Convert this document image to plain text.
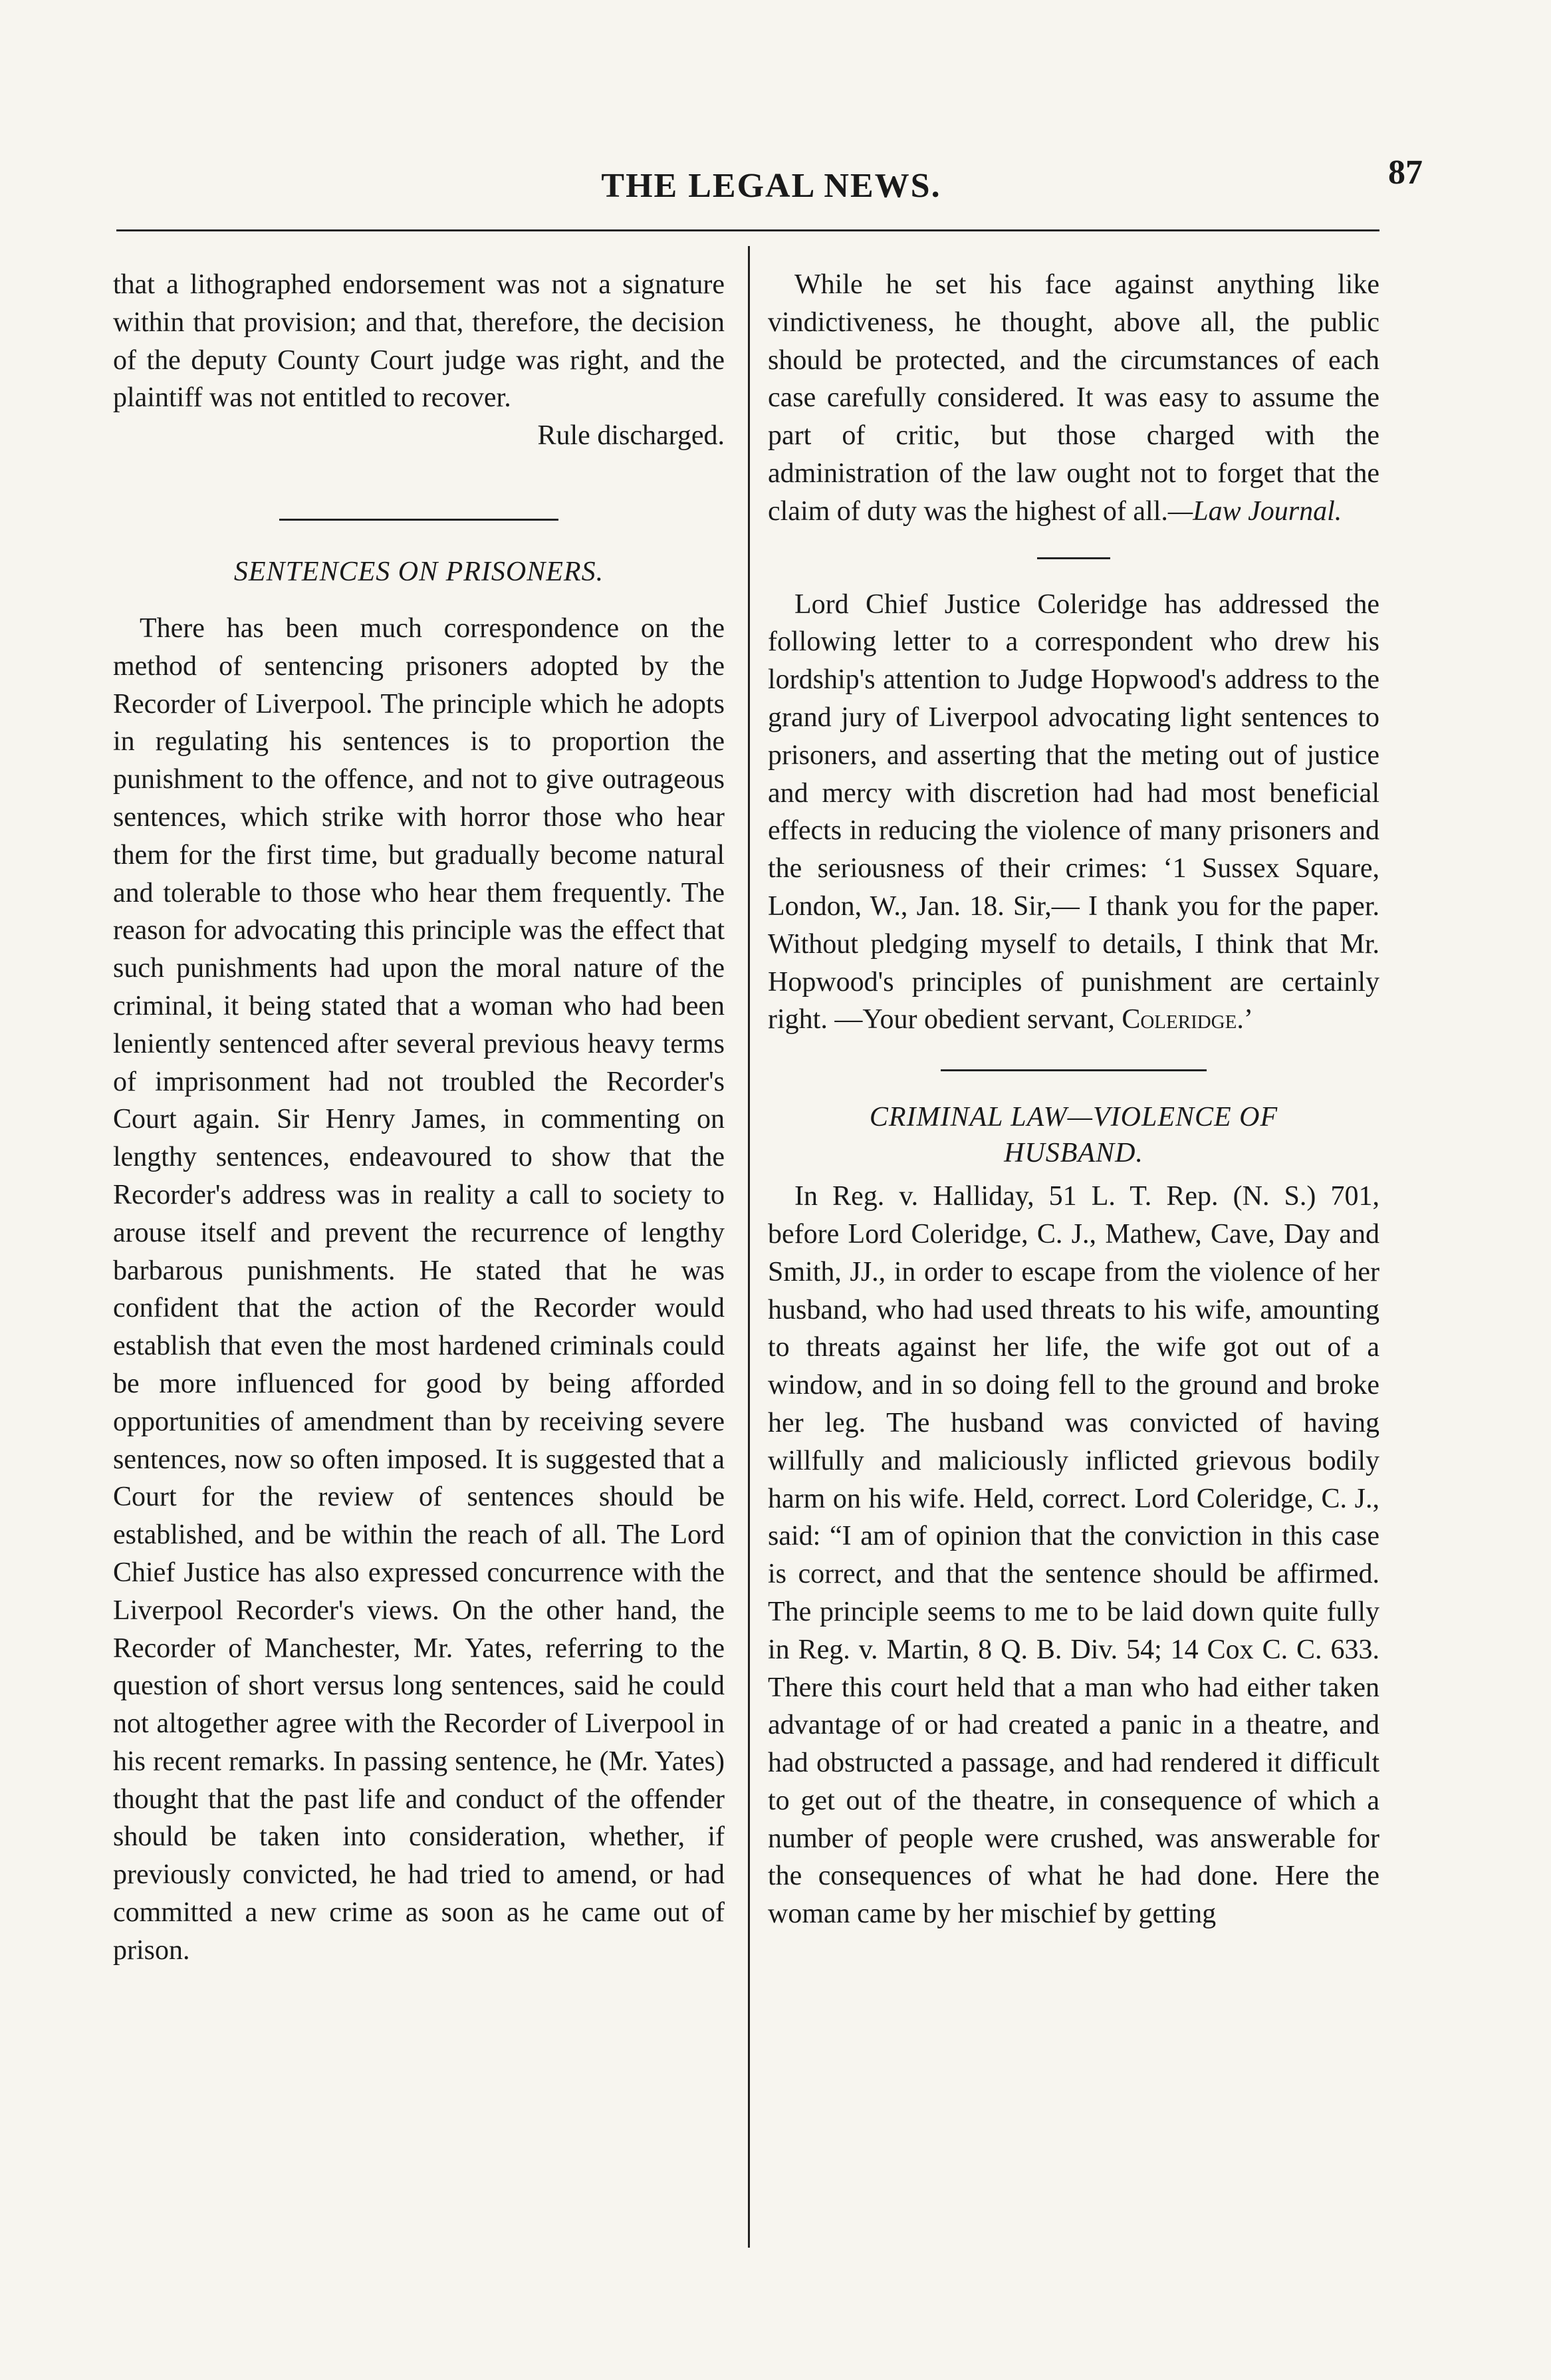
THE LEGAL NEWS.	87

that a lithographed endorsement was not a signature within that provision; and that, therefore, the decision of the deputy County Court judge was right, and the plaintiff was not entitled to recover.

Rule discharged.

SENTENCES ON PRISONERS.

There has been much correspondence on the method of sentencing prisoners adopted by the Recorder of Liverpool. The principle which he adopts in regulating his sentences is to proportion the punishment to the offence, and not to give outrageous sentences, which strike with horror those who hear them for the first time, but gradually become natural and tolerable to those who hear them frequently. The reason for advocating this principle was the effect that such punishments had upon the moral nature of the criminal, it being stated that a woman who had been leniently sentenced after several previous heavy terms of imprisonment had not troubled the Recorder's Court again. Sir Henry James, in commenting on lengthy sentences, endeavoured to show that the Recorder's address was in reality a call to society to arouse itself and prevent the recurrence of lengthy barbarous punishments. He stated that he was confident that the action of the Recorder would establish that even the most hardened criminals could be more influenced for good by being afforded opportunities of amendment than by receiving severe sentences, now so often imposed. It is suggested that a Court for the review of sentences should be established, and be within the reach of all. The Lord Chief Justice has also expressed concurrence with the Liverpool Recorder's views. On the other hand, the Recorder of Manchester, Mr. Yates, referring to the question of short versus long sentences, said he could not altogether agree with the Recorder of Liverpool in his recent remarks. In passing sentence, he (Mr. Yates) thought that the past life and conduct of the offender should be taken into consideration, whether, if previously convicted, he had tried to amend, or had committed a new crime as soon as he came out of prison.

While he set his face against anything like vindictiveness, he thought, above all, the public should be protected, and the circumstances of each case carefully considered. It was easy to assume the part of critic, but those charged with the administration of the law ought not to forget that the claim of duty was the highest of all.—Law Journal.

Lord Chief Justice Coleridge has addressed the following letter to a correspondent who drew his lordship's attention to Judge Hopwood's address to the grand jury of Liverpool advocating light sentences to prisoners, and asserting that the meting out of justice and mercy with discretion had had most beneficial effects in reducing the violence of many prisoners and the seriousness of their crimes: ‘1 Sussex Square, London, W., Jan. 18. Sir,— I thank you for the paper. Without pledging myself to details, I think that Mr. Hopwood's principles of punishment are certainly right. —Your obedient servant, Coleridge.’

CRIMINAL LAW—VIOLENCE OF

HUSBAND.

In Reg. v. Halliday, 51 L. T. Rep. (N. S.) 701, before Lord Coleridge, C. J., Mathew, Cave, Day and Smith, JJ., in order to escape from the violence of her husband, who had used threats to his wife, amounting to threats against her life, the wife got out of a window, and in so doing fell to the ground and broke her leg. The husband was convicted of having willfully and maliciously inflicted grievous bodily harm on his wife. Held, correct. Lord Coleridge, C. J., said: “I am of opinion that the conviction in this case is correct, and that the sentence should be affirmed. The principle seems to me to be laid down quite fully in Reg. v. Martin, 8 Q. B. Div. 54; 14 Cox C. C. 633. There this court held that a man who had either taken advantage of or had created a panic in a theatre, and had obstructed a passage, and had rendered it difficult to get out of the theatre, in consequence of which a number of people were crushed, was answerable for the consequences of what he had done. Here the woman came by her mischief by getting
